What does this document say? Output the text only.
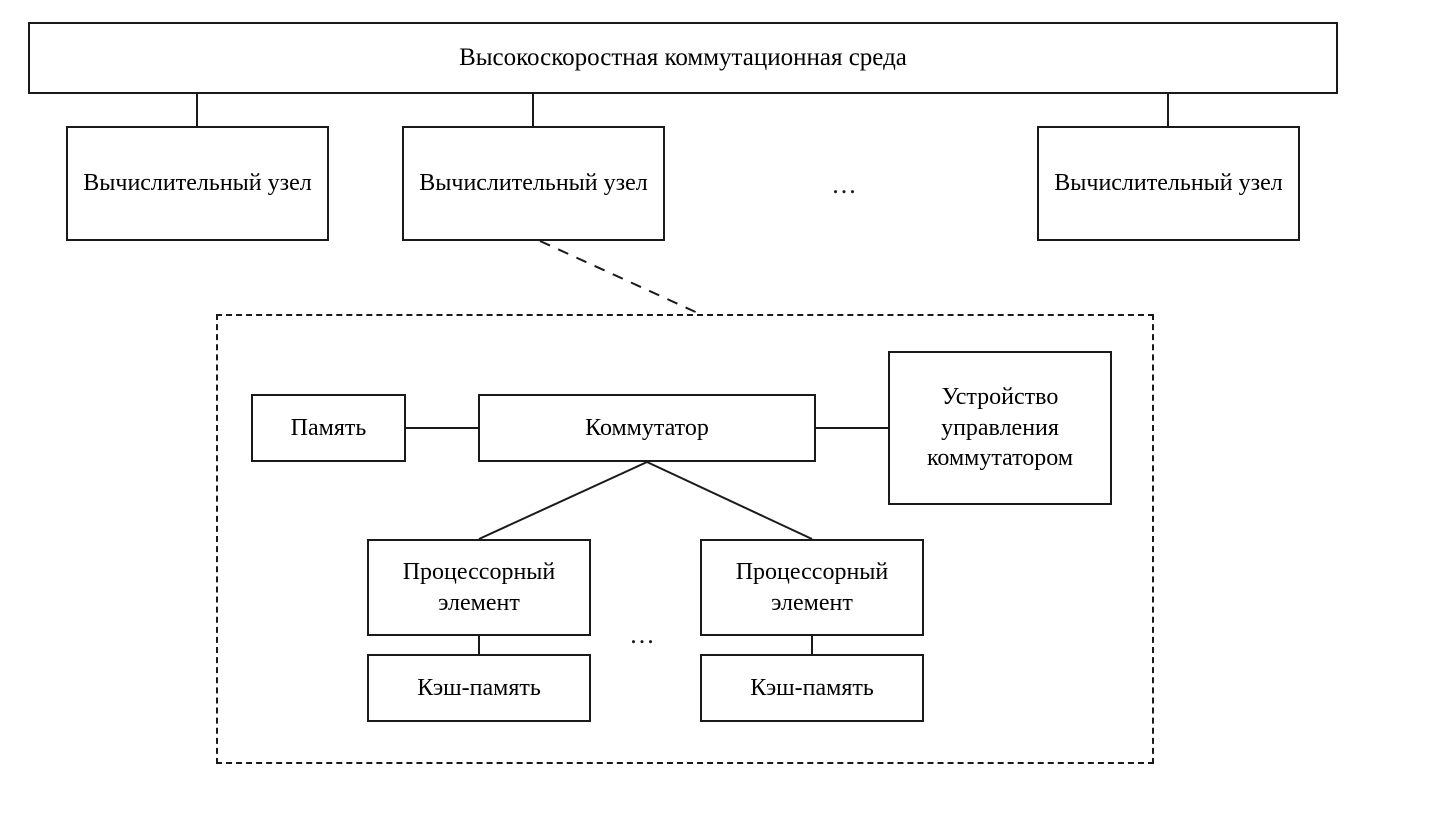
Высокоскоростная коммутационная среда
Вычислительный узел	Вычислительный узел	...	Вычислительный узел
Память	Коммутатор
Устройство управления коммутатором
Процессорный элемент
...
Процессорный элемент
Кэш-память	Кэш-память
